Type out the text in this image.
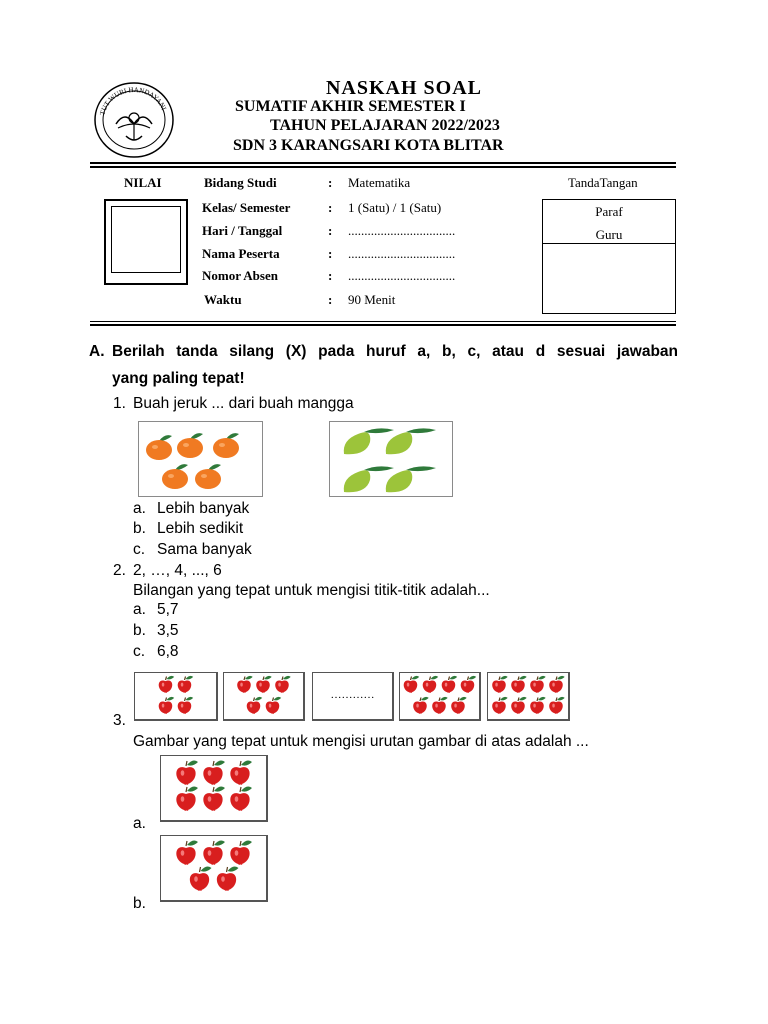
TUT WURI HANDAYANI
NASKAH SOAL
SUMATIF AKHIR SEMESTER I
TAHUN PELAJARAN 2022/2023
SDN 3 KARANGSARI KOTA BLITAR
NILAI	Bidang Studi	: Matematika
Kelas/ Semester	: 1 (Satu) / 1 (Satu)
Hari / Tanggal	: .................................
Nama Peserta	: .................................
Nomor Absen	: .................................
Waktu	: 90 Menit
TandaTangan
Paraf
Guru
A. Berilah tanda silang (X) pada huruf a, b, c, atau d sesuai jawaban
yang paling tepat!
1. Buah jeruk ... dari buah mangga
a. Lebih banyak
b. Lebih sedikit
c. Sama banyak
2. 2, …, 4, ..., 6
Bilangan yang tepat untuk mengisi titik-titik adalah...
a. 5,7
b. 3,5
c. 6,8
…………
3.
Gambar yang tepat untuk mengisi urutan gambar di atas adalah ...
a.
b.
